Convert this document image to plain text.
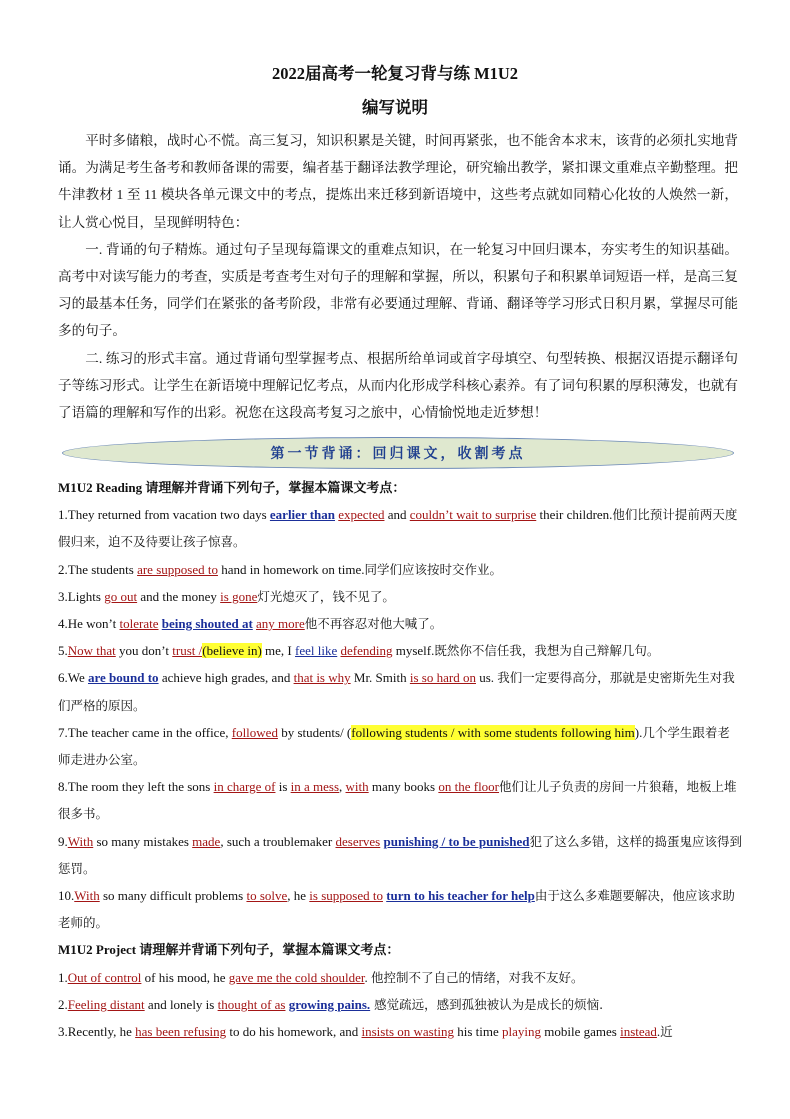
2022届高考一轮复习背与练 M1U2
编写说明

平时多储粮，战时心不慌。高三复习，知识积累是关键，时间再紧张，也不能舍本求末，该背的必须扎实地背诵。为满足考生备考和教师备课的需要，编者基于翻译法教学理论，研究输出教学，紧扣课文重难点辛勤整理。把牛津教材 1 至 11 模块各单元课文中的考点，提炼出来迁移到新语境中，这些考点就如同精心化妆的人焕然一新，让人赏心悦目，呈现鲜明特色：

一. 背诵的句子精炼。通过句子呈现每篇课文的重难点知识，在一轮复习中回归课本，夯实考生的知识基础。高考中对读写能力的考查，实质是考查考生对句子的理解和掌握，所以，积累句子和积累单词短语一样，是高三复习的最基本任务，同学们在紧张的备考阶段，非常有必要通过理解、背诵、翻译等学习形式日积月累，掌握尽可能多的句子。

二. 练习的形式丰富。通过背诵句型掌握考点、根据所给单词或首字母填空、句型转换、根据汉语提示翻译句子等练习形式。让学生在新语境中理解记忆考点，从而内化形成学科核心素养。有了词句积累的厚积薄发，也就有了语篇的理解和写作的出彩。祝您在这段高考复习之旅中，心情愉悦地走近梦想！

第一节背诵：回归课文，收割考点

M1U2 Reading 请理解并背诵下列句子，掌握本篇课文考点：

1.They returned from vacation two days earlier than expected and couldn’t wait to surprise their children.他们比预计提前两天度假归来，迫不及待要让孩子惊喜。

2.The students are supposed to hand in homework on time.同学们应该按时交作业。

3.Lights go out and the money is gone灯光熄灭了，钱不见了。

4.He won’t tolerate being shouted at any more他不再容忍对他大喊了。

5.Now that you don’t trust /(believe in) me, I feel like defending myself.既然你不信任我，我想为自己辩解几句。

6.We are bound to achieve high grades, and that is why Mr. Smith is so hard on us. 我们一定要得高分，那就是史密斯先生对我们严格的原因。

7.The teacher came in the office, followed by students/ (following students / with some students following him).几个学生跟着老师走进办公室。

8.The room they left the sons in charge of is in a mess, with many books on the floor他们让儿子负责的房间一片狼藉，地板上堆很多书。

9.With so many mistakes made, such a troublemaker deserves punishing / to be punished犯了这么多错，这样的捣蛋鬼应该得到惩罚。

10.With so many difficult problems to solve, he is supposed to turn to his teacher for help由于这么多难题要解决，他应该求助老师的。

M1U2 Project 请理解并背诵下列句子，掌握本篇课文考点：

1.Out of control of his mood, he gave me the cold shoulder. 他控制不了自己的情绪，对我不友好。

2.Feeling distant and lonely is thought of as growing pains. 感觉疏远，感到孤独被认为是成长的烦恼.

3.Recently, he has been refusing to do his homework, and insists on wasting his time playing mobile games instead.近
